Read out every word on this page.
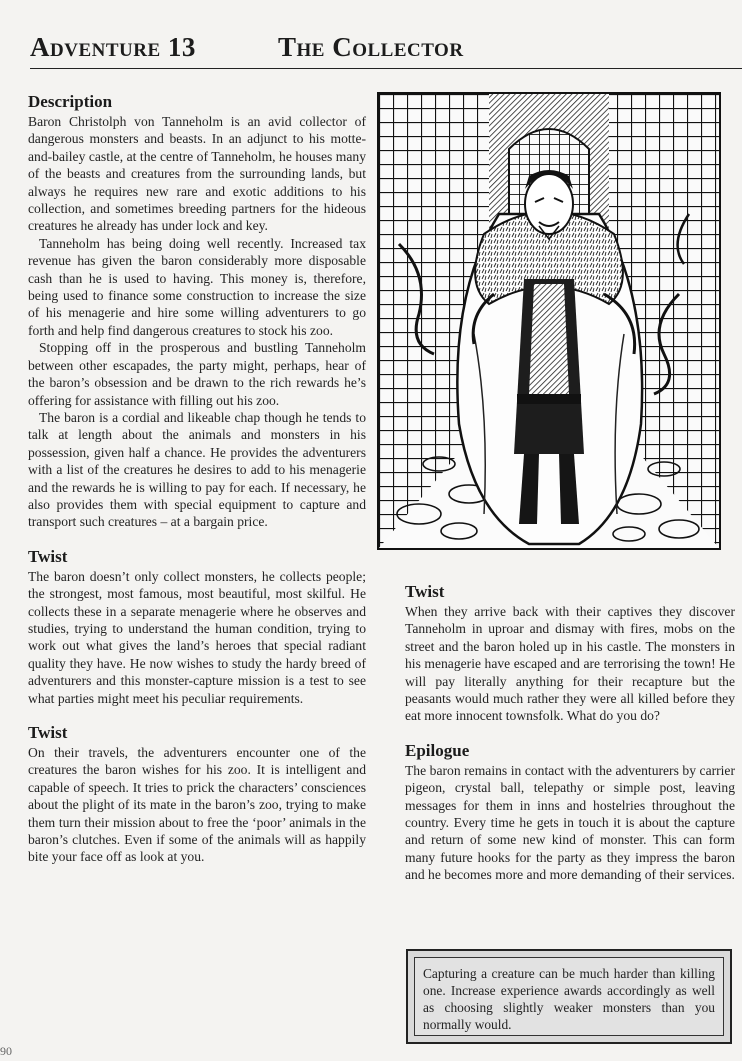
Adventure 13	The Collector
Description

Baron Christolph von Tanneholm is an avid collector of dangerous monsters and beasts. In an adjunct to his motte-and-bailey castle, at the centre of Tanneholm, he houses many of the beasts and creatures from the surrounding lands, but always he requires new rare and exotic additions to his collection, and sometimes breeding partners for the hideous creatures he already has under lock and key.

Tanneholm has being doing well recently. Increased tax revenue has given the baron considerably more disposable cash than he is used to having. This money is, therefore, being used to finance some construction to increase the size of his menagerie and hire some willing adventurers to go forth and help find dangerous creatures to stock his zoo.

Stopping off in the prosperous and bustling Tanneholm between other escapades, the party might, perhaps, hear of the baron’s obsession and be drawn to the rich rewards he’s offering for assistance with filling out his zoo.

The baron is a cordial and likeable chap though he tends to talk at length about the animals and monsters in his possession, given half a chance. He provides the adventurers with a list of the creatures he desires to add to his menagerie and the rewards he is willing to pay for each. If necessary, he also provides them with special equipment to capture and transport such creatures – at a bargain price.

Twist

The baron doesn’t only collect monsters, he collects people; the strongest, most famous, most beautiful, most skilful. He collects these in a separate menagerie where he observes and studies, trying to understand the human condition, trying to work out what gives the land’s heroes that special radiant quality they have. He now wishes to study the hardy breed of adventurers and this monster-capture mission is a test to see what parties might meet his peculiar requirements.

Twist

On their travels, the adventurers encounter one of the creatures the baron wishes for his zoo. It is intelligent and capable of speech. It tries to prick the characters’ consciences about the plight of its mate in the baron’s zoo, trying to make them turn their mission about to free the ‘poor’ animals in the baron’s clutches. Even if some of the animals will as happily bite your face off as look at you.

Twist

When they arrive back with their captives they discover Tanneholm in uproar and dismay with fires, mobs on the street and the baron holed up in his castle. The monsters in his menagerie have escaped and are terrorising the town! He will pay literally anything for their recapture but the peasants would much rather they were all killed before they eat more innocent townsfolk. What do you do?

Epilogue

The baron remains in contact with the adventurers by carrier pigeon, crystal ball, telepathy or simple post, leaving messages for them in inns and hostelries throughout the country. Every time he gets in touch it is about the capture and return of some new kind of monster. This can form many future hooks for the party as they impress the baron and he becomes more and more demanding of their services.

Capturing a creature can be much harder than killing one. Increase experience awards accordingly as well as choosing slightly weaker monsters than you normally would.

90
